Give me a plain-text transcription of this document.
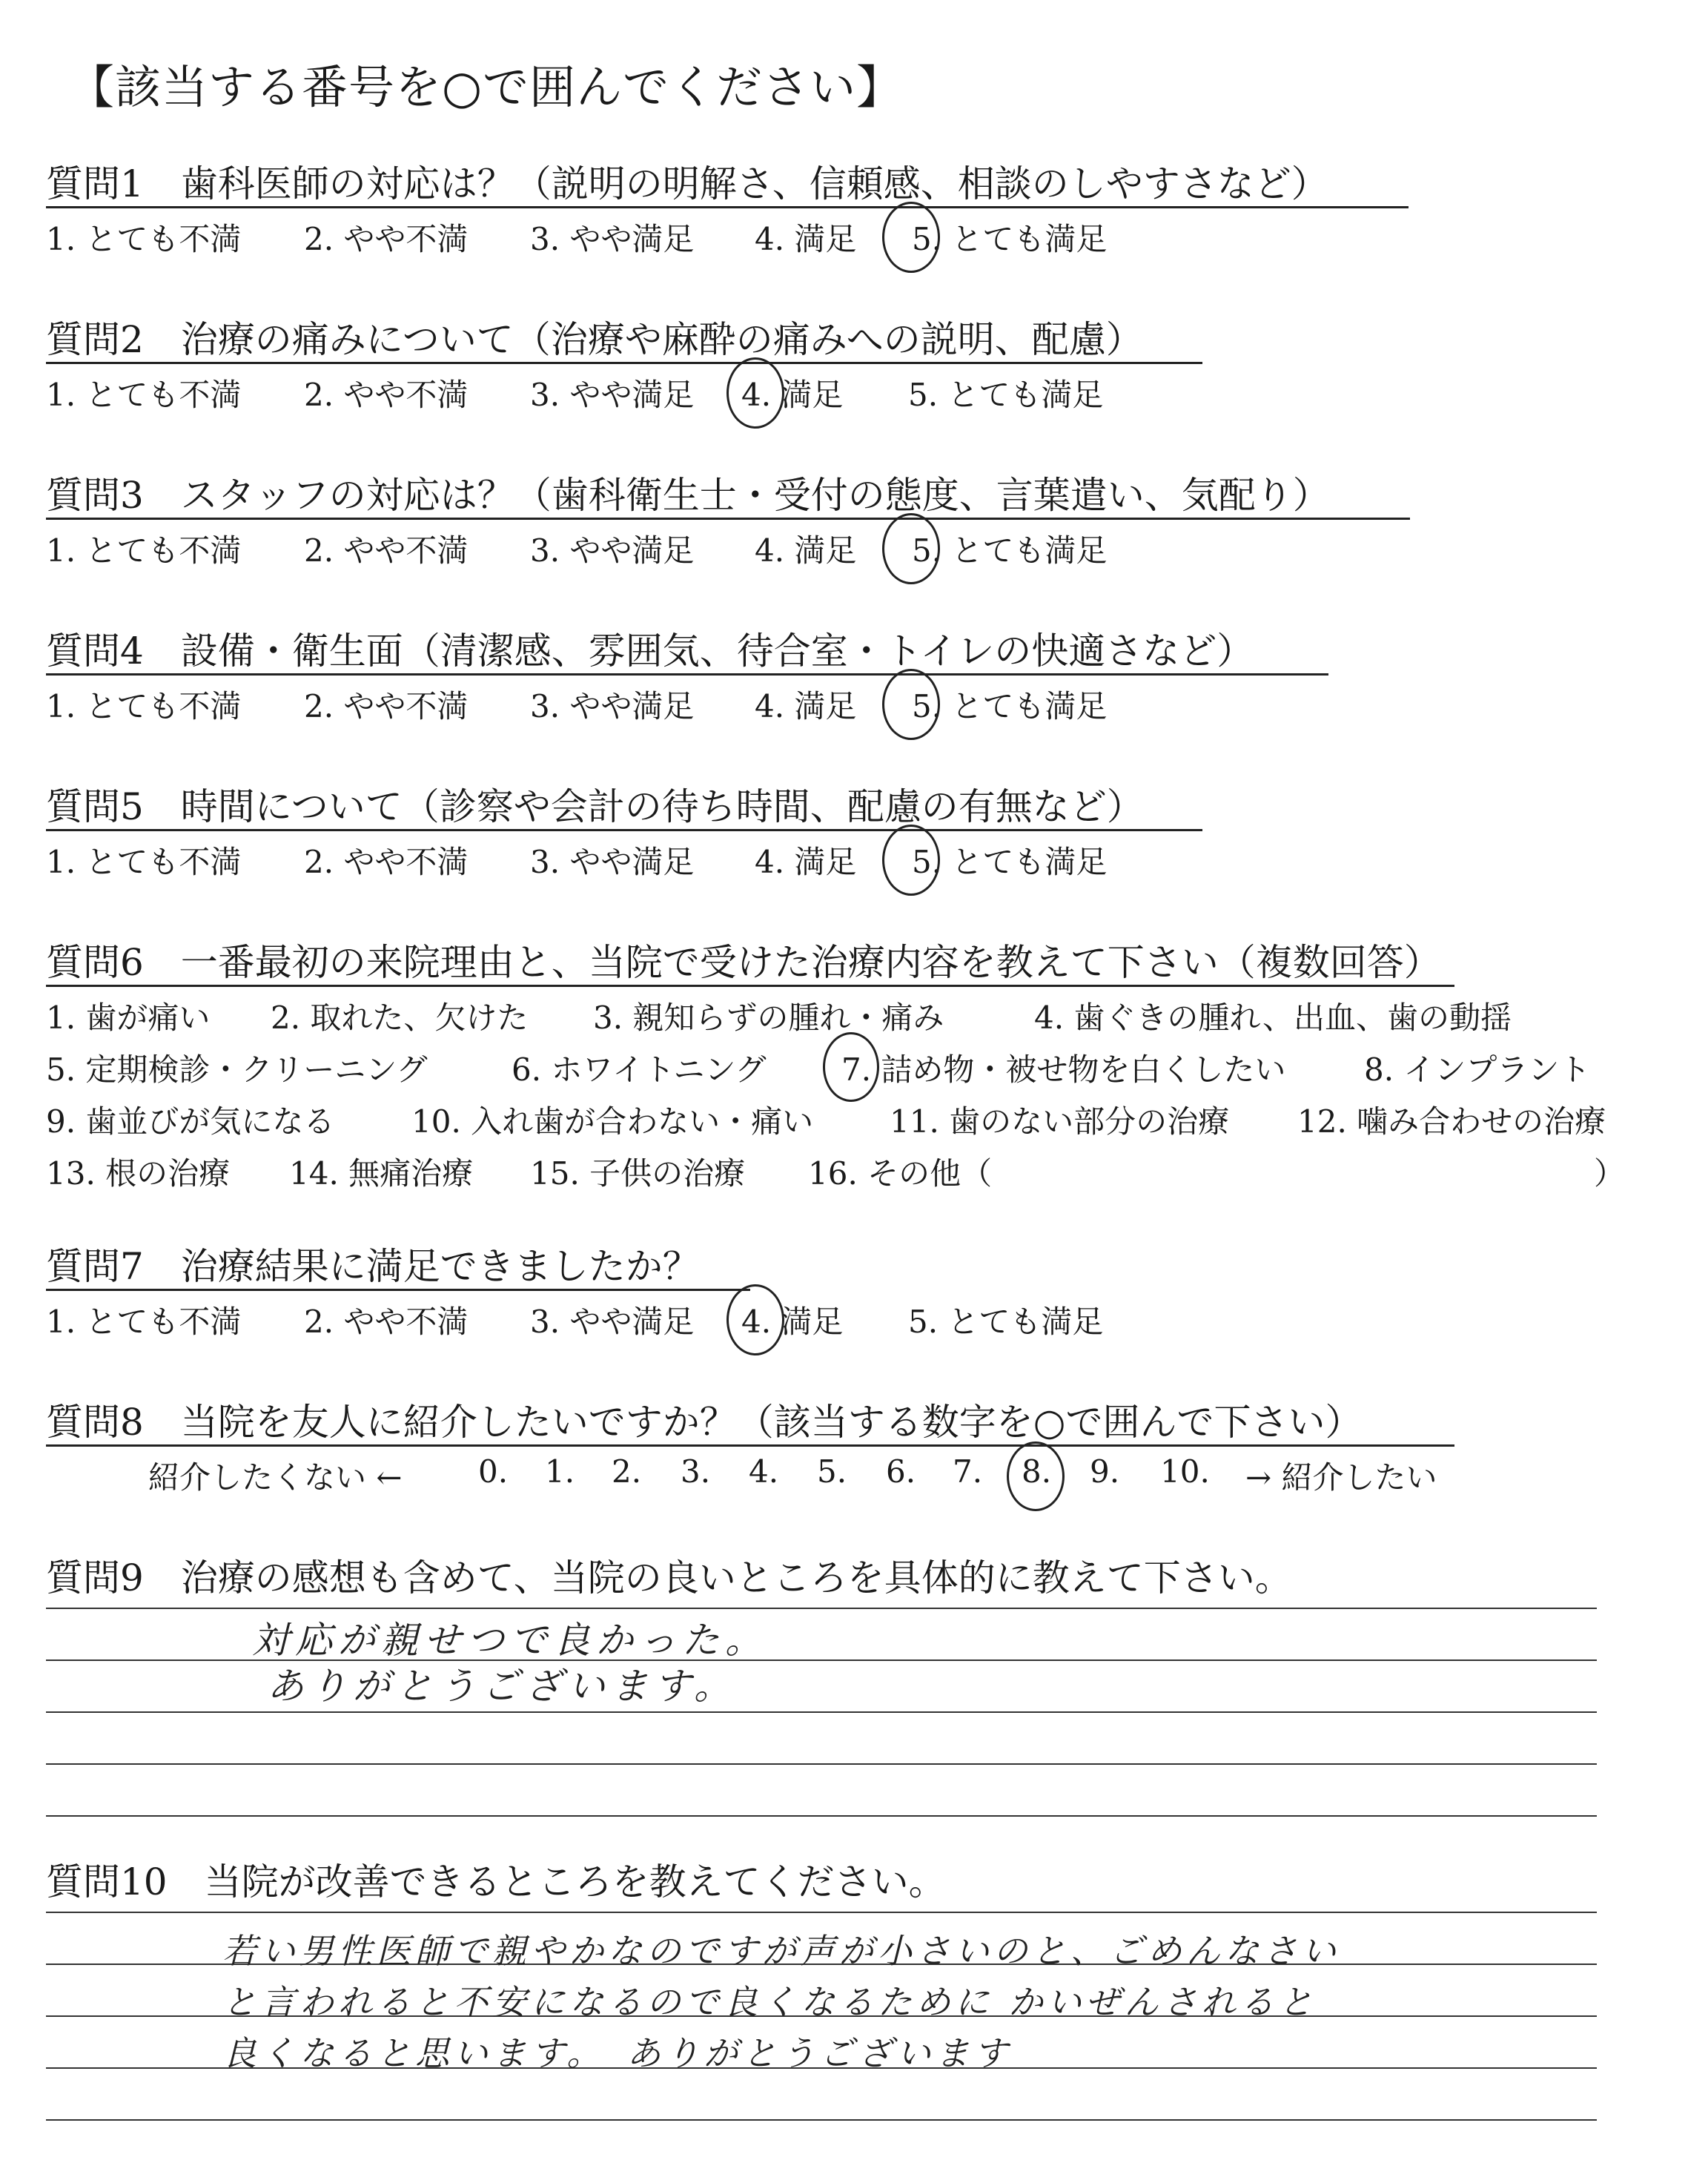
【該当する番号を○で囲んでください】
質問1　歯科医師の対応は？（説明の明解さ、信頼感、相談のしやすさなど）
1. とても不満 2. やや不満 3. やや満足 4. 満足 5. とても満足
質問2　治療の痛みについて（治療や麻酔の痛みへの説明、配慮）
1. とても不満 2. やや不満 3. やや満足 4. 満足 5. とても満足
質問3　スタッフの対応は？（歯科衛生士・受付の態度、言葉遣い、気配り）
1. とても不満 2. やや不満 3. やや満足 4. 満足 5. とても満足
質問4　設備・衛生面（清潔感、雰囲気、待合室・トイレの快適さなど）
1. とても不満 2. やや不満 3. やや満足 4. 満足 5. とても満足
質問5　時間について（診察や会計の待ち時間、配慮の有無など）
1. とても不満 2. やや不満 3. やや満足 4. 満足 5. とても満足
質問6　一番最初の来院理由と、当院で受けた治療内容を教えて下さい（複数回答）
1. 歯が痛い 2. 取れた、欠けた 3. 親知らずの腫れ・痛み	4. 歯ぐきの腫れ、出血、歯の動揺
5. 定期検診・クリーニング	6. ホワイトニング 7. 詰め物・被せ物を白くしたい	8. インプラント
9. 歯並びが気になる 10. 入れ歯が合わない・痛い 11. 歯のない部分の治療 12. 噛み合わせの治療
13. 根の治療 14. 無痛治療 15. 子供の治療 16. その他（	）
質問7　治療結果に満足できましたか？
1. とても不満 2. やや不満 3. やや満足 4. 満足 5. とても満足
質問8　当院を友人に紹介したいですか？（該当する数字を○で囲んで下さい）
紹介したくない ← 0. 1. 2. 3. 4. 5. 6. 7. 8. 9. 10. → 紹介したい
質問9　治療の感想も含めて、当院の良いところを具体的に教えて下さい。
対応が親せつで良かった。
ありがとうございます。
質問10　当院が改善できるところを教えてください。
若い男性医師で親やかなのですが声が小さいのと、ごめんなさい
と言われると不安になるので良くなるために かいぜんされると
良くなると思います。　ありがとうございます
